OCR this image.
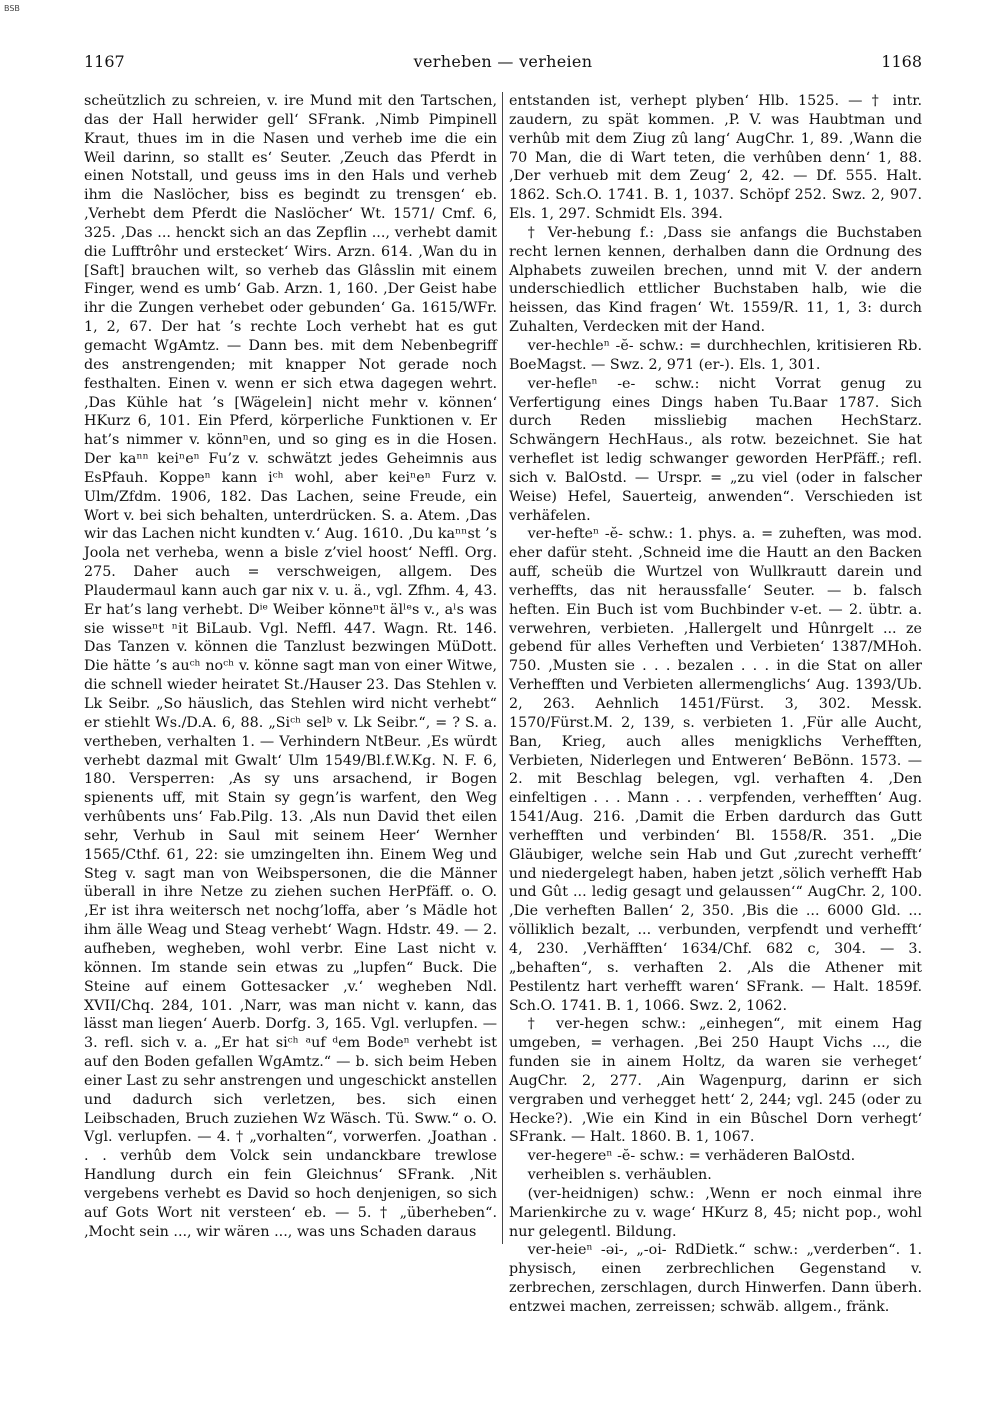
BSB
1167	verheben — verheien	1168

scheützlich zu schreien, v. ire Mund mit den Tartschen, das der Hall herwider gell‘ SFrank. ‚Nimb Pimpinell Kraut, thues im in die Nasen und verheb ime die ein Weil darinn, so stallt es‘ Seuter. ‚Zeuch das Pferdt in einen Notstall, und geuss ims in den Hals und verheb ihm die Naslöcher, biss es begindt zu trensgen‘ eb. ‚Verhebt dem Pferdt die Naslöcher‘ Wt. 1571/ Cmf. 6, 325. ‚Das ... henckt sich an das Zepflin ..., verhebt damit die Lufftrôhr und erstecket‘ Wirs. Arzn. 614. ‚Wan du in [Saft] brauchen wilt, so verheb das Glâsslin mit einem Finger, wend es umb‘ Gab. Arzn. 1, 160. ‚Der Geist habe ihr die Zungen verhebet oder gebunden‘ Ga. 1615/WFr. 1, 2, 67. Der hat ’s rechte Loch verhebt hat es gut gemacht WgAmtz. — Dann bes. mit dem Nebenbegriff des anstrengenden; mit knapper Not gerade noch festhalten. Einen v. wenn er sich etwa dagegen wehrt. ‚Das Kühle hat ’s [Wägelein] nicht mehr v. können‘ HKurz 6, 101. Ein Pferd, körperliche Funktionen v. Er hat’s nimmer v. könnⁿen, und so ging es in die Hosen. Der kaⁿⁿ keiⁿeⁿ Fu’z v. schwätzt jedes Geheimnis aus EsPfauh. Koppeⁿ kann iᶜʰ wohl, aber keiⁿeⁿ Furz v. Ulm/Zfdm. 1906, 182. Das Lachen, seine Freude, ein Wort v. bei sich behalten, unterdrücken. S. a. Atem. ‚Das wir das Lachen nicht kundten v.‘ Aug. 1610. ‚Du kaⁿⁿst ’s Joola net verheba, wenn a bisle z’viel hoost‘ Neffl. Org. 275. Daher auch = verschweigen, allgem. Des Plaudermaul kann auch gar nix v. u. ä., vgl. Zfhm. 4, 43. Er hat’s lang verhebt. Dⁱᵉ Weiber könneⁿt älˡᵉs v., aˡs was sie wisseⁿt ⁿit BiLaub. Vgl. Neffl. 447. Wagn. Rt. 146. Das Tanzen v. können die Tanzlust bezwingen MüDott. Die hätte ’s auᶜʰ noᶜʰ v. könne sagt man von einer Witwe, die schnell wieder heiratet St./Hauser 23. Das Stehlen v. Lk Seibr. „So häuslich, das Stehlen wird nicht verhebt“ er stiehlt Ws./D.A. 6, 88. „Siᶜʰ selᵇ v. Lk Seibr.“, = ? S. a. vertheben, verhalten 1. — Verhindern NtBeur. ‚Es würdt verhebt dazmal mit Gwalt‘ Ulm 1549/Bl.f.W.Kg. N. F. 6, 180. Versperren: ‚As sy uns arsachend, ir Bogen spienents uff, mit Stain sy gegn’is warfent, den Weg verhûbents uns‘ Fab.Pilg. 13. ‚Als nun David thet eilen sehr, Verhub in Saul mit seinem Heer‘ Wernher 1565/Cthf. 61, 22: sie umzingelten ihn. Einem Weg und Steg v. sagt man von Weibspersonen, die die Männer überall in ihre Netze zu ziehen suchen HerPfäff. o. O. ‚Er ist ihra weitersch net nochg’loffa, aber ’s Mädle hot ihm älle Weag und Steag verhebt‘ Wagn. Hdstr. 49. — 2. aufheben, wegheben, wohl verbr. Eine Last nicht v. können. Im stande sein etwas zu „lupfen“ Buck. Die Steine auf einem Gottesacker ‚v.‘ wegheben Ndl. XVII/Chq. 284, 101. ‚Narr, was man nicht v. kann, das lässt man liegen‘ Auerb. Dorfg. 3, 165. Vgl. verlupfen. — 3. refl. sich v. a. „Er hat siᶜʰ ᵃuf ᵈem Bodeⁿ verhebt ist auf den Boden gefallen WgAmtz.“ — b. sich beim Heben einer Last zu sehr anstrengen und ungeschickt anstellen und dadurch sich verletzen, bes. sich einen Leibschaden, Bruch zuziehen Wz Wäsch. Tü. Sww.“ o. O. Vgl. verlupfen. — 4. † „vorhalten“, vorwerfen. ‚Joathan . . . verhûb dem Volck sein undanckbare trewlose Handlung durch ein fein Gleichnus‘ SFrank. ‚Nit vergebens verhebt es David so hoch denjenigen, so sich auf Gots Wort nit versteen‘ eb. — 5. † „überheben“. ‚Mocht sein ..., wir wären ..., was uns Schaden daraus

entstanden ist, verhept plyben‘ Hlb. 1525. — † intr. zaudern, zu spät kommen. ‚P. V. was Haubtman und verhûb mit dem Ziug zû lang‘ AugChr. 1, 89. ‚Wann die 70 Man, die di Wart teten, die verhûben denn‘ 1, 88. ‚Der verhueb mit dem Zeug‘ 2, 42. — Df. 555. Halt. 1862. Sch.O. 1741. B. 1, 1037. Schöpf 252. Swz. 2, 907. Els. 1, 297. Schmidt Els. 394.

† Ver-hebung f.: ‚Dass sie anfangs die Buchstaben recht lernen kennen, derhalben dann die Ordnung des Alphabets zuweilen brechen, unnd mit V. der andern underschiedlich ettlicher Buchstaben halb, wie die heissen, das Kind fragen‘ Wt. 1559/R. 11, 1, 3: durch Zuhalten, Verdecken mit der Hand.

ver-hechleⁿ -ĕ- schw.: = durchhechlen, kritisieren Rb. BoeMagst. — Swz. 2, 971 (er-). Els. 1, 301.

ver-hefleⁿ -e- schw.: nicht Vorrat genug zu Verfertigung eines Dings haben Tu.Baar 1787. Sich durch Reden missliebig machen HechStarz. Schwängern HechHaus., als rotw. bezeichnet. Sie hat verheflet ist ledig schwanger geworden HerPfäff.; refl. sich v. BalOstd. — Urspr. = „zu viel (oder in falscher Weise) Hefel, Sauerteig, anwenden“. Verschieden ist verhäfelen.

ver-hefteⁿ -ĕ- schw.: 1. phys. a. = zuheften, was mod. eher dafür steht. ‚Schneid ime die Hautt an den Backen auff, scheüb die Wurtzel von Wullkrautt darein und verheffts, das nit heraussfalle‘ Seuter. — b. falsch heften. Ein Buch ist vom Buchbinder v-et. — 2. übtr. a. verwehren, verbieten. ‚Hallergelt und Hûnrgelt ... ze gebend für alles Verheften und Verbieten‘ 1387/MHoh. 750. ‚Musten sie . . . bezalen . . . in die Stat on aller Verhefften und Verbieten allermenglichs‘ Aug. 1393/Ub. 2, 263. Aehnlich 1451/Fürst. 3, 302. Messk. 1570/Fürst.M. 2, 139, s. verbieten 1. ‚Für alle Aucht, Ban, Krieg, auch alles menigklichs Verhefften, Verbieten, Niderlegen und Entweren‘ BeBönn. 1573. — 2. mit Beschlag belegen, vgl. verhaften 4. ‚Den einfeltigen . . . Mann . . . verpfenden, verhefften‘ Aug. 1541/Aug. 216. ‚Damit die Erben dardurch das Gutt verhefften und verbinden‘ Bl. 1558/R. 351. „Die Gläubiger, welche sein Hab und Gut ‚zurecht verhefft‘ und niedergelegt haben, haben jetzt ‚sölich verhefft Hab und Gût ... ledig gesagt und gelaussen‘“ AugChr. 2, 100. ‚Die verheften Ballen‘ 2, 350. ‚Bis die ... 6000 Gld. ... völliklich bezalt, ... verbunden, verpfendt und verhefft‘ 4, 230. ‚Verhäfften‘ 1634/Chf. 682 c, 304. — 3. „behaften“, s. verhaften 2. ‚Als die Athener mit Pestilentz hart verhefft waren‘ SFrank. — Halt. 1859f. Sch.O. 1741. B. 1, 1066. Swz. 2, 1062.

† ver-hegen schw.: „einhegen“, mit einem Hag umgeben, = verhagen. ‚Bei 250 Haupt Vichs ..., die funden sie in ainem Holtz, da waren sie verheget‘ AugChr. 2, 277. ‚Ain Wagenpurg, darinn er sich vergraben und verhegget hett‘ 2, 244; vgl. 245 (oder zu Hecke?). ‚Wie ein Kind in ein Bûschel Dorn verhegt‘ SFrank. — Halt. 1860. B. 1, 1067.

ver-hegereⁿ -ĕ- schw.: = verhäderen BalOstd.

verheiblen s. verhäublen.

(ver-heidnigen) schw.: ‚Wenn er noch einmal ihre Marienkirche zu v. wage‘ HKurz 8, 45; nicht pop., wohl nur gelegentl. Bildung.

ver-heieⁿ -əi-, „-oi- RdDietk.“ schw.: „verderben“. 1. physisch, einen zerbrechlichen Gegenstand v. zerbrechen, zerschlagen, durch Hinwerfen. Dann überh. entzwei machen, zerreissen; schwäb. allgem., fränk.
